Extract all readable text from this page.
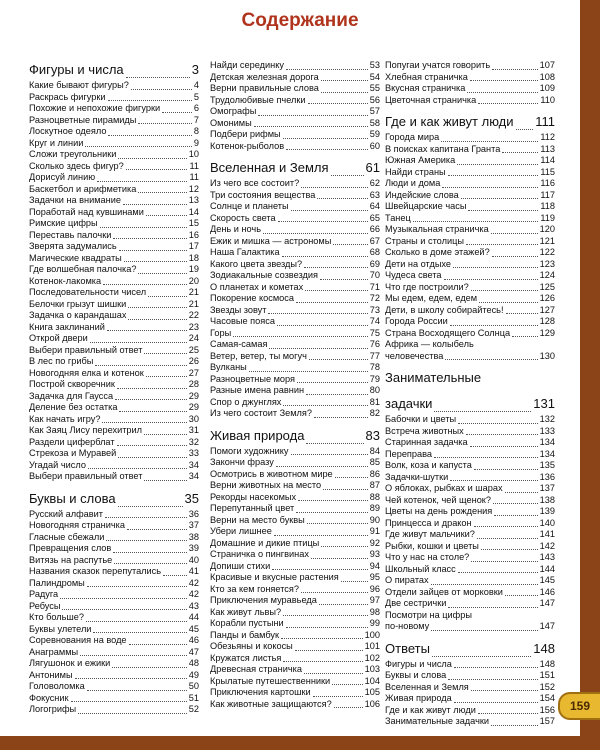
Содержание
Фигуры и числа	3
Какие бывают фигуры?	4
Раскрась фигурки	5
Похожие и непохожие фигурки	6
Разноцветные пирамиды	7
Лоскутное одеяло	8
Круг и линии	9
Сложи треугольники	10
Сколько здесь фигур?	11
Дорисуй линию	11
Баскетбол и арифметика	12
Задачки на внимание	13
Поработай над кувшинами	14
Римские цифры	15
Переставь палочки	16
Зверята задумались	17
Магические квадраты	18
Где волшебная палочка?	19
Котенок-лакомка	20
Последовательности чисел	21
Белочки грызут шишки	21
Задачка о карандашах	22
Книга заклинаний	23
Открой двери	24
Выбери правильный ответ	25
В лес по грибы	26
Новогодняя елка и котенок	27
Построй скворечник	28
Задачка для Гаусса	29
Деление без остатка	29
Как начать игру?	30
Как Заяц Лису перехитрил	31
Раздели циферблат	32
Стрекоза и Муравей	33
Угадай число	34
Выбери правильный ответ	34
Буквы и слова	35
Русский алфавит	36
Новогодняя страничка	37
Гласные сбежали	38
Превращения слов	39
Витязь на распутье	40
Названия сказок перепутались	41
Палиндромы	42
Радуга	42
Ребусы	43
Кто больше?	44
Буквы улетели	45
Соревнования на воде	46
Анаграммы	47
Лягушонок и ежики	48
Антонимы	49
Головоломка	50
Фокусник	51
Логогрифы	52
Найди серединку	53
Детская железная дорога	54
Верни правильные слова	55
Трудолюбивые пчелки	56
Омографы	57
Омонимы	58
Подбери рифмы	59
Котенок-рыболов	60
Вселенная и Земля	61
Из чего все состоит?	62
Три состояния вещества	63
Солнце и планеты	64
Скорость света	65
День и ночь	66
Ежик и мишка — астрономы	67
Наша Галактика	68
Какого цвета звезды?	69
Зодиакальные созвездия	70
О планетах и кометах	71
Покорение космоса	72
Звезды зовут	73
Часовые пояса	74
Горы	75
Самая-самая	76
Ветер, ветер, ты могуч	77
Вулканы	78
Разноцветные моря	79
Разные имена равнин	80
Спор о джунглях	81
Из чего состоит Земля?	82
Живая природа	83
Помоги художнику	84
Закончи фразу	85
Осмотрись в животном мире	86
Верни животных на место	87
Рекорды насекомых	88
Перепутанный цвет	89
Верни на место буквы	90
Убери лишнее	91
Домашние и дикие птицы	92
Страничка о пингвинах	93
Допиши стихи	94
Красивые и вкусные растения	95
Кто за кем гоняется?	96
Приключения муравьеда	97
Как живут львы?	98
Корабли пустыни	99
Панды и бамбук	100
Обезьяны и кокосы	101
Кружатся листья	102
Древесная страничка	103
Крылатые путешественники	104
Приключения картошки	105
Как животные защищаются?	106
Попугаи учатся говорить	107
Хлебная страничка	108
Вкусная страничка	109
Цветочная страничка	110
Где и как живут люди 111
Города мира	112
В поисках капитана Гранта	113
Южная Америка	114
Найди страны	115
Люди и дома	116
Индейские слова	117
Швейцарские часы	118
Танец	119
Музыкальная страничка	120
Страны и столицы	121
Сколько в доме этажей?	122
Дети на отдыхе	123
Чудеса света	124
Что где построили?	125
Мы едем, едем, едем	126
Дети, в школу собирайтесь!	127
Города России	128
Страна Восходящего Солнца	129
Африка — колыбель
человечества	130
Занимательные
задачки	131
Бабочки и цветы	132
Встреча животных	133
Старинная задачка	134
Переправа	134
Волк, коза и капуста	135
Задачки-шутки	136
О яблоках, рыбках и шарах	137
Чей котенок, чей щенок?	138
Цветы на день рождения	139
Принцесса и дракон	140
Где живут мальчики?	141
Рыбки, кошки и цветы	142
Что у нас на столе?	143
Школьный класс	144
О пиратах	145
Отдели зайцев от морковки	146
Две сестрички	147
Посмотри на цифры
по-новому	147
Ответы	148
Фигуры и числа	148
Буквы и слова	151
Вселенная и Земля	152
Живая природа	154
Где и как живут люди	156
Занимательные задачки	157
159
